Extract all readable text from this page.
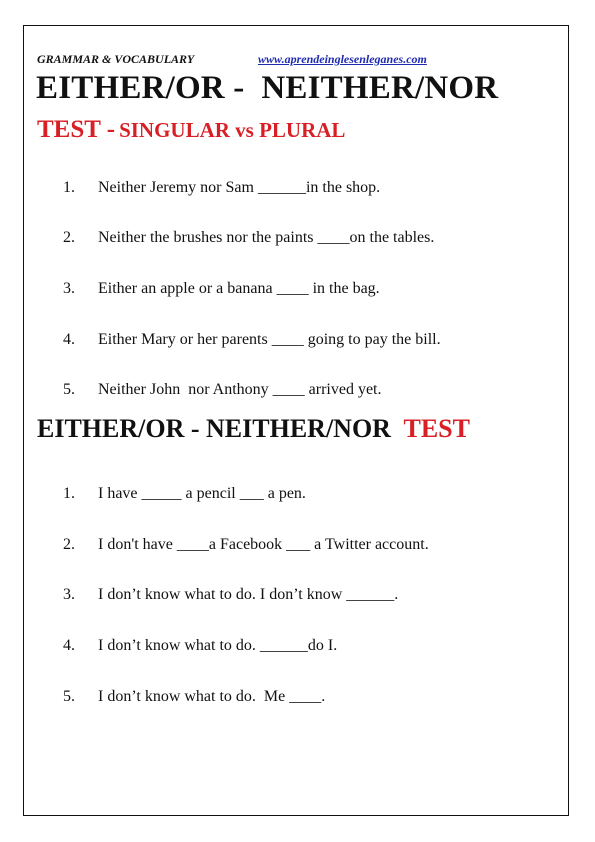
GRAMMAR & VOCABULARY	www.aprendeinglesenleganes.com
EITHER/OR -  NEITHER/NOR
TEST - SINGULAR vs PLURAL

1. Neither Jeremy nor Sam ______in the shop.

2. Neither the brushes nor the paints ____on the tables.

3. Either an apple or a banana ____ in the bag.

4. Either Mary or her parents ____ going to pay the bill.

5. Neither John  nor Anthony ____ arrived yet.

EITHER/OR - NEITHER/NOR TEST

1. I have _____ a pencil ___ a pen.

2. I don't have ____a Facebook ___ a Twitter account.

3. I don’t know what to do. I don’t know ______.

4. I don’t know what to do. ______do I.

5. I don’t know what to do.  Me ____.
